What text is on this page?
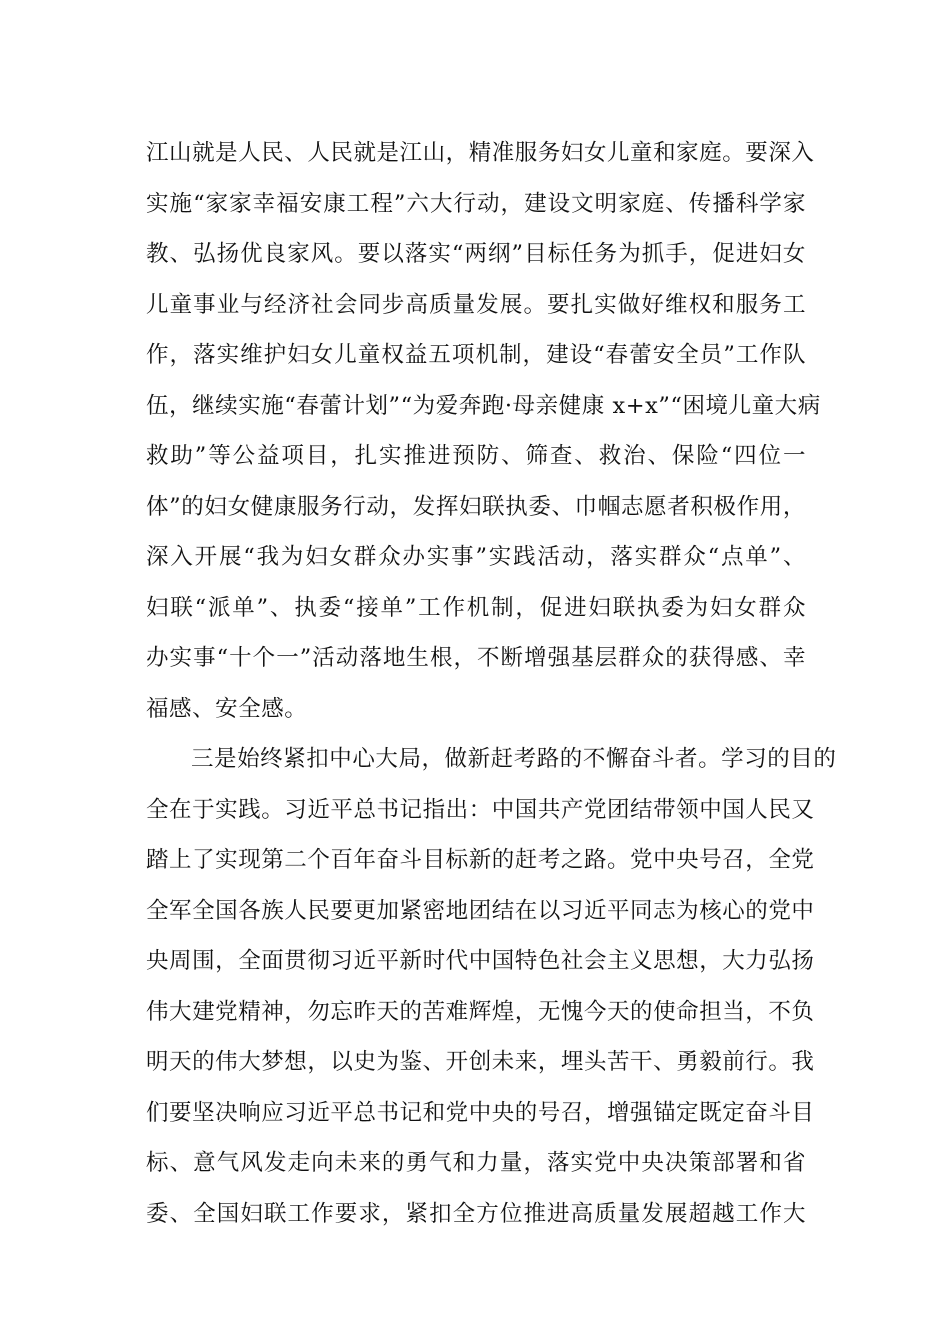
江山就是人民、人民就是江山，精准服务妇女儿童和家庭。要深入
实施“家家幸福安康工程”六大行动，建设文明家庭、传播科学家
教、弘扬优良家风。要以落实“两纲”目标任务为抓手，促进妇女
儿童事业与经济社会同步高质量发展。要扎实做好维权和服务工
作，落实维护妇女儿童权益五项机制，建设“春蕾安全员”工作队
伍，继续实施“春蕾计划”“为爱奔跑·母亲健康 x+x”“困境儿童大病
救助”等公益项目，扎实推进预防、筛查、救治、保险“四位一
体”的妇女健康服务行动，发挥妇联执委、巾帼志愿者积极作用，
深入开展“我为妇女群众办实事”实践活动，落实群众“点单”、
妇联“派单”、执委“接单”工作机制，促进妇联执委为妇女群众
办实事“十个一”活动落地生根，不断增强基层群众的获得感、幸
福感、安全感。
三是始终紧扣中心大局，做新赶考路的不懈奋斗者。学习的目的
全在于实践。习近平总书记指出：中国共产党团结带领中国人民又
踏上了实现第二个百年奋斗目标新的赶考之路。党中央号召，全党
全军全国各族人民要更加紧密地团结在以习近平同志为核心的党中
央周围，全面贯彻习近平新时代中国特色社会主义思想，大力弘扬
伟大建党精神，勿忘昨天的苦难辉煌，无愧今天的使命担当，不负
明天的伟大梦想，以史为鉴、开创未来，埋头苦干、勇毅前行。我
们要坚决响应习近平总书记和党中央的号召，增强锚定既定奋斗目
标、意气风发走向未来的勇气和力量，落实党中央决策部署和省
委、全国妇联工作要求，紧扣全方位推进高质量发展超越工作大
